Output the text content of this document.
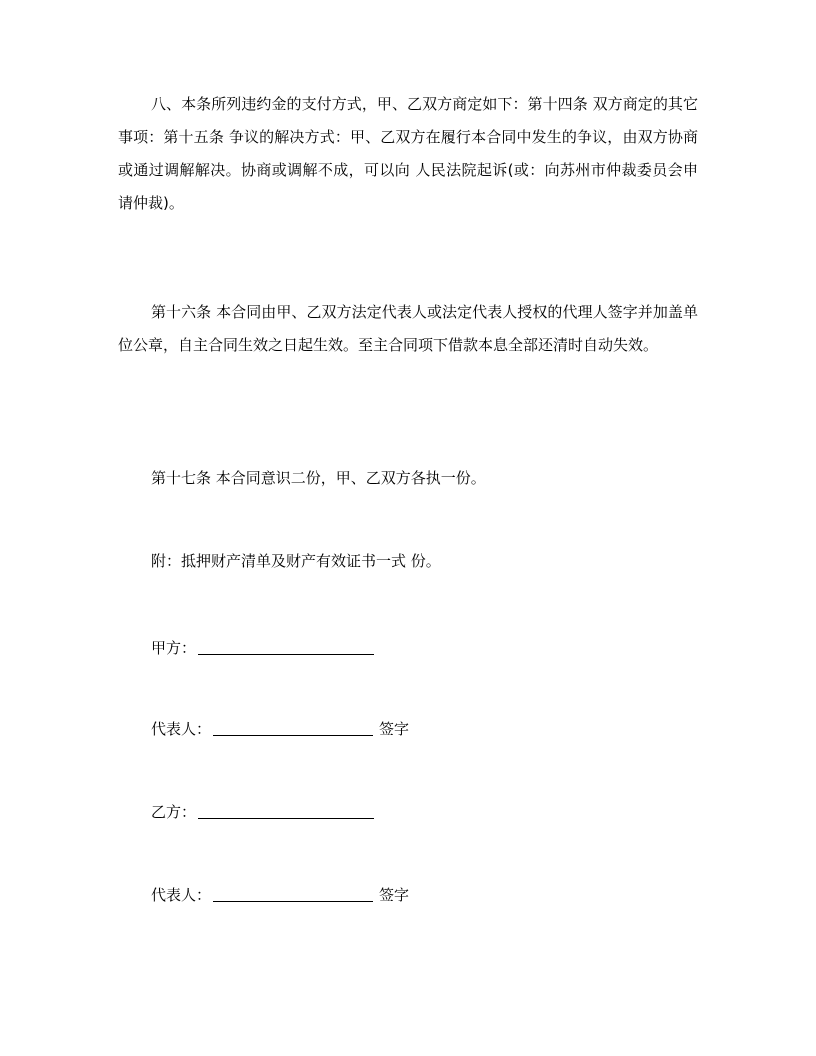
八、本条所列违约金的支付方式，甲、乙双方商定如下：第十四条 双方商定的其它事项：第十五条 争议的解决方式：甲、乙双方在履行本合同中发生的争议，由双方协商或通过调解解决。协商或调解不成，可以向 人民法院起诉(或：向苏州市仲裁委员会申请仲裁)。

第十六条 本合同由甲、乙双方法定代表人或法定代表人授权的代理人签字并加盖单位公章，自主合同生效之日起生效。至主合同项下借款本息全部还清时自动失效。

第十七条 本合同意识二份，甲、乙双方各执一份。

附：抵押财产清单及财产有效证书一式 份。

甲方：
代表人：	签字
乙方：
代表人：	签字
